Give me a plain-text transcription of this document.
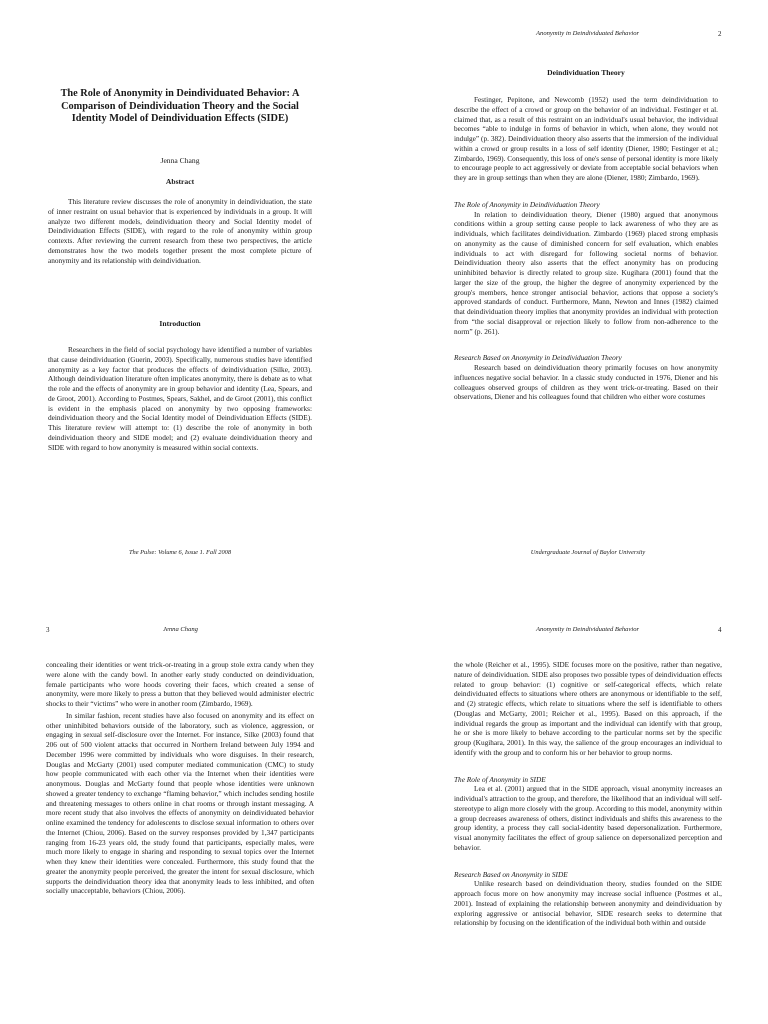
The Role of Anonymity in Deindividuated Behavior: A Comparison of Deindividuation Theory and the Social Identity Model of Deindividuation Effects (SIDE)
Jenna Chang
Abstract

This literature review discusses the role of anonymity in deindividuation, the state of inner restraint on usual behavior that is experienced by individuals in a group. It will analyze two different models, deindividuation theory and Social Identity model of Deindividuation Effects (SIDE), with regard to the role of anonymity within group contexts. After reviewing the current research from these two perspectives, the article demonstrates how the two models together present the most complete picture of anonymity and its relationship with deindividuation.

Introduction

Researchers in the field of social psychology have identified a number of variables that cause deindividuation (Guerin, 2003). Specifically, numerous studies have identified anonymity as a key factor that produces the effects of deindividuation (Silke, 2003). Although deindividuation literature often implicates anonymity, there is debate as to what the role and the effects of anonymity are in group behavior and identity (Lea, Spears, and de Groot, 2001). According to Postmes, Spears, Sakhel, and de Groot (2001), this conflict is evident in the emphasis placed on anonymity by two opposing frameworks: deindividuation theory and the Social Identity model of Deindividuation Effects (SIDE). This literature review will attempt to: (1) describe the role of anonymity in both deindividuation theory and SIDE model; and (2) evaluate deindividuation theory and SIDE with regard to how anonymity is measured within social contexts.

The Pulse: Volume 6, Issue 1. Fall 2008
Anonymity in Deindividuated Behavior	2
Deindividuation Theory

Festinger, Pepitone, and Newcomb (1952) used the term deindividuation to describe the effect of a crowd or group on the behavior of an individual. Festinger et al. claimed that, as a result of this restraint on an individual's usual behavior, the individual becomes “able to indulge in forms of behavior in which, when alone, they would not indulge” (p. 382). Deindividuation theory also asserts that the immersion of the individual within a crowd or group results in a loss of self identity (Diener, 1980; Festinger et al.; Zimbardo, 1969). Consequently, this loss of one's sense of personal identity is more likely to encourage people to act aggressively or deviate from acceptable social behaviors when they are in group settings than when they are alone (Diener, 1980; Zimbardo, 1969).

The Role of Anonymity in Deindividuation Theory

In relation to deindividuation theory, Diener (1980) argued that anonymous conditions within a group setting cause people to lack awareness of who they are as individuals, which facilitates deindividuation. Zimbardo (1969) placed strong emphasis on anonymity as the cause of diminished concern for self evaluation, which enables individuals to act with disregard for following societal norms of behavior. Deindividuation theory also asserts that the effect anonymity has on producing uninhibited behavior is directly related to group size. Kugihara (2001) found that the larger the size of the group, the higher the degree of anonymity experienced by the group's members, hence stronger antisocial behavior, actions that oppose a society's approved standards of conduct. Furthermore, Mann, Newton and Innes (1982) claimed that deindividuation theory implies that anonymity provides an individual with protection from “the social disapproval or rejection likely to follow from non-adherence to the norm” (p. 261).

Research Based on Anonymity in Deindividuation Theory

Research based on deindividuation theory primarily focuses on how anonymity influences negative social behavior. In a classic study conducted in 1976, Diener and his colleagues observed groups of children as they went trick-or-treating. Based on their observations, Diener and his colleagues found that children who either wore costumes

Undergraduate Journal of Baylor University
3	Jenna Chang

concealing their identities or went trick-or-treating in a group stole extra candy when they were alone with the candy bowl. In another early study conducted on deindividuation, female participants who wore hoods covering their faces, which created a sense of anonymity, were more likely to press a button that they believed would administer electric shocks to their “victims” who were in another room (Zimbardo, 1969).

In similar fashion, recent studies have also focused on anonymity and its effect on other uninhibited behaviors outside of the laboratory, such as violence, aggression, or engaging in sexual self-disclosure over the Internet. For instance, Silke (2003) found that 206 out of 500 violent attacks that occurred in Northern Ireland between July 1994 and December 1996 were committed by individuals who wore disguises. In their research, Douglas and McGarty (2001) used computer mediated communication (CMC) to study how people communicated with each other via the Internet when their identities were anonymous. Douglas and McGarty found that people whose identities were unknown showed a greater tendency to exchange “flaming behavior,” which includes sending hostile and threatening messages to others online in chat rooms or through instant messaging. A more recent study that also involves the effects of anonymity on deindividuated behavior online examined the tendency for adolescents to disclose sexual information to others over the Internet (Chiou, 2006). Based on the survey responses provided by 1,347 participants ranging from 16-23 years old, the study found that participants, especially males, were much more likely to engage in sharing and responding to sexual topics over the Internet when they knew their identities were concealed. Furthermore, this study found that the greater the anonymity people perceived, the greater the intent for sexual disclosure, which supports the deindividuation theory idea that anonymity leads to less inhibited, and often socially unacceptable, behaviors (Chiou, 2006).

Anonymity in Deindividuated Behavior	4

the whole (Reicher et al., 1995). SIDE focuses more on the positive, rather than negative, nature of deindividuation. SIDE also proposes two possible types of deindividuation effects related to group behavior: (1) cognitive or self-categorical effects, which relate deindividuated effects to situations where others are anonymous or identifiable to the self, and (2) strategic effects, which relate to situations where the self is identifiable to others (Douglas and McGarty, 2001; Reicher et al., 1995). Based on this approach, if the individual regards the group as important and the individual can identify with that group, he or she is more likely to behave according to the particular norms set by the specific group (Kugihara, 2001). In this way, the salience of the group encourages an individual to identify with the group and to conform his or her behavior to group norms.

The Role of Anonymity in SIDE

Lea et al. (2001) argued that in the SIDE approach, visual anonymity increases an individual's attraction to the group, and therefore, the likelihood that an individual will self-stereotype to align more closely with the group. According to this model, anonymity within a group decreases awareness of others, distinct individuals and shifts this awareness to the group identity, a process they call social-identity based depersonalization. Furthermore, visual anonymity facilitates the effect of group salience on depersonalized perception and behavior.

Research Based on Anonymity in SIDE

Unlike research based on deindividuation theory, studies founded on the SIDE approach focus more on how anonymity may increase social influence (Postmes et al., 2001). Instead of explaining the relationship between anonymity and deindividuation by exploring aggressive or antisocial behavior, SIDE research seeks to determine that relationship by focusing on the identification of the individual both within and outside
